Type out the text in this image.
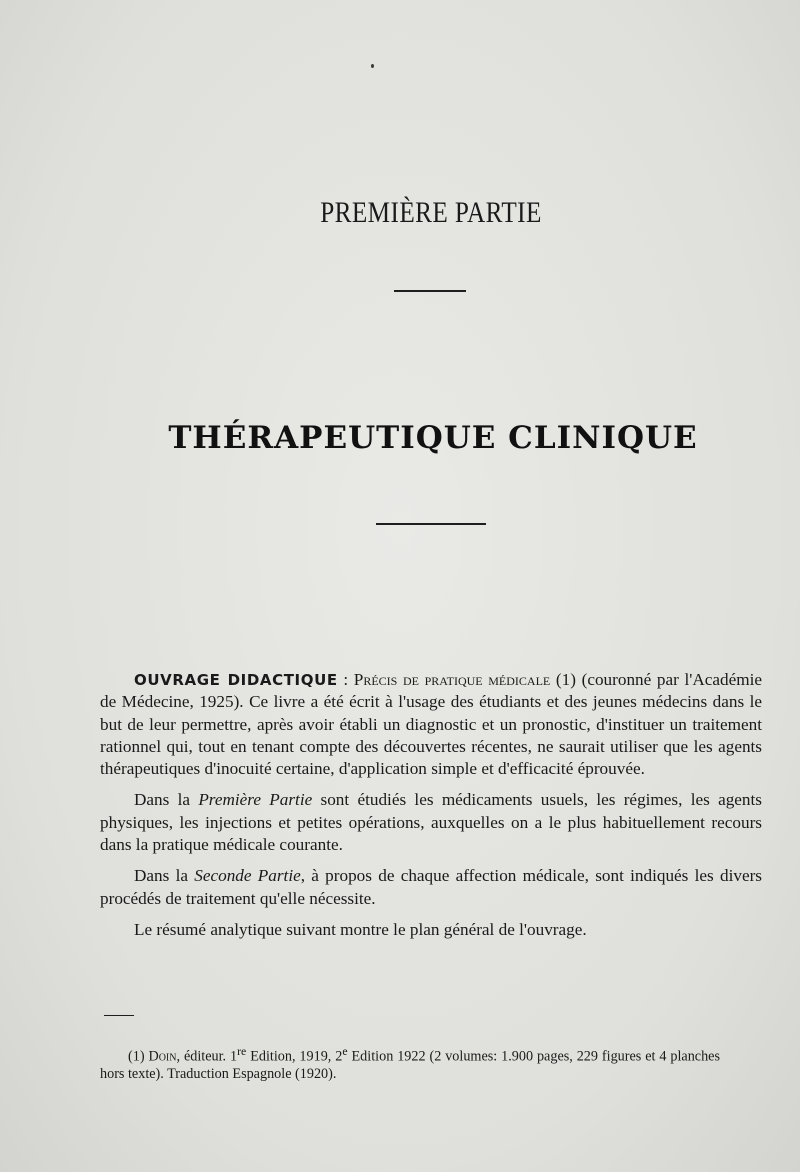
PREMIÈRE PARTIE
THÉRAPEUTIQUE CLINIQUE

OUVRAGE DIDACTIQUE : Précis de pratique médicale (1) (couronné par l'Académie de Médecine, 1925). Ce livre a été écrit à l'usage des étudiants et des jeunes médecins dans le but de leur permettre, après avoir établi un diagnostic et un pronostic, d'instituer un traitement rationnel qui, tout en tenant compte des découvertes récentes, ne saurait utiliser que les agents thérapeutiques d'inocuité certaine, d'application simple et d'efficacité éprouvée.

Dans la Première Partie sont étudiés les médicaments usuels, les régimes, les agents physiques, les injections et petites opérations, auxquelles on a le plus habituellement recours dans la pratique médicale courante.

Dans la Seconde Partie, à propos de chaque affection médicale, sont indiqués les divers procédés de traitement qu'elle nécessite.

Le résumé analytique suivant montre le plan général de l'ouvrage.

(1) Doin, éditeur. 1re Edition, 1919, 2e Edition 1922 (2 volumes: 1.900 pages, 229 figures et 4 planches hors texte). Traduction Espagnole (1920).
